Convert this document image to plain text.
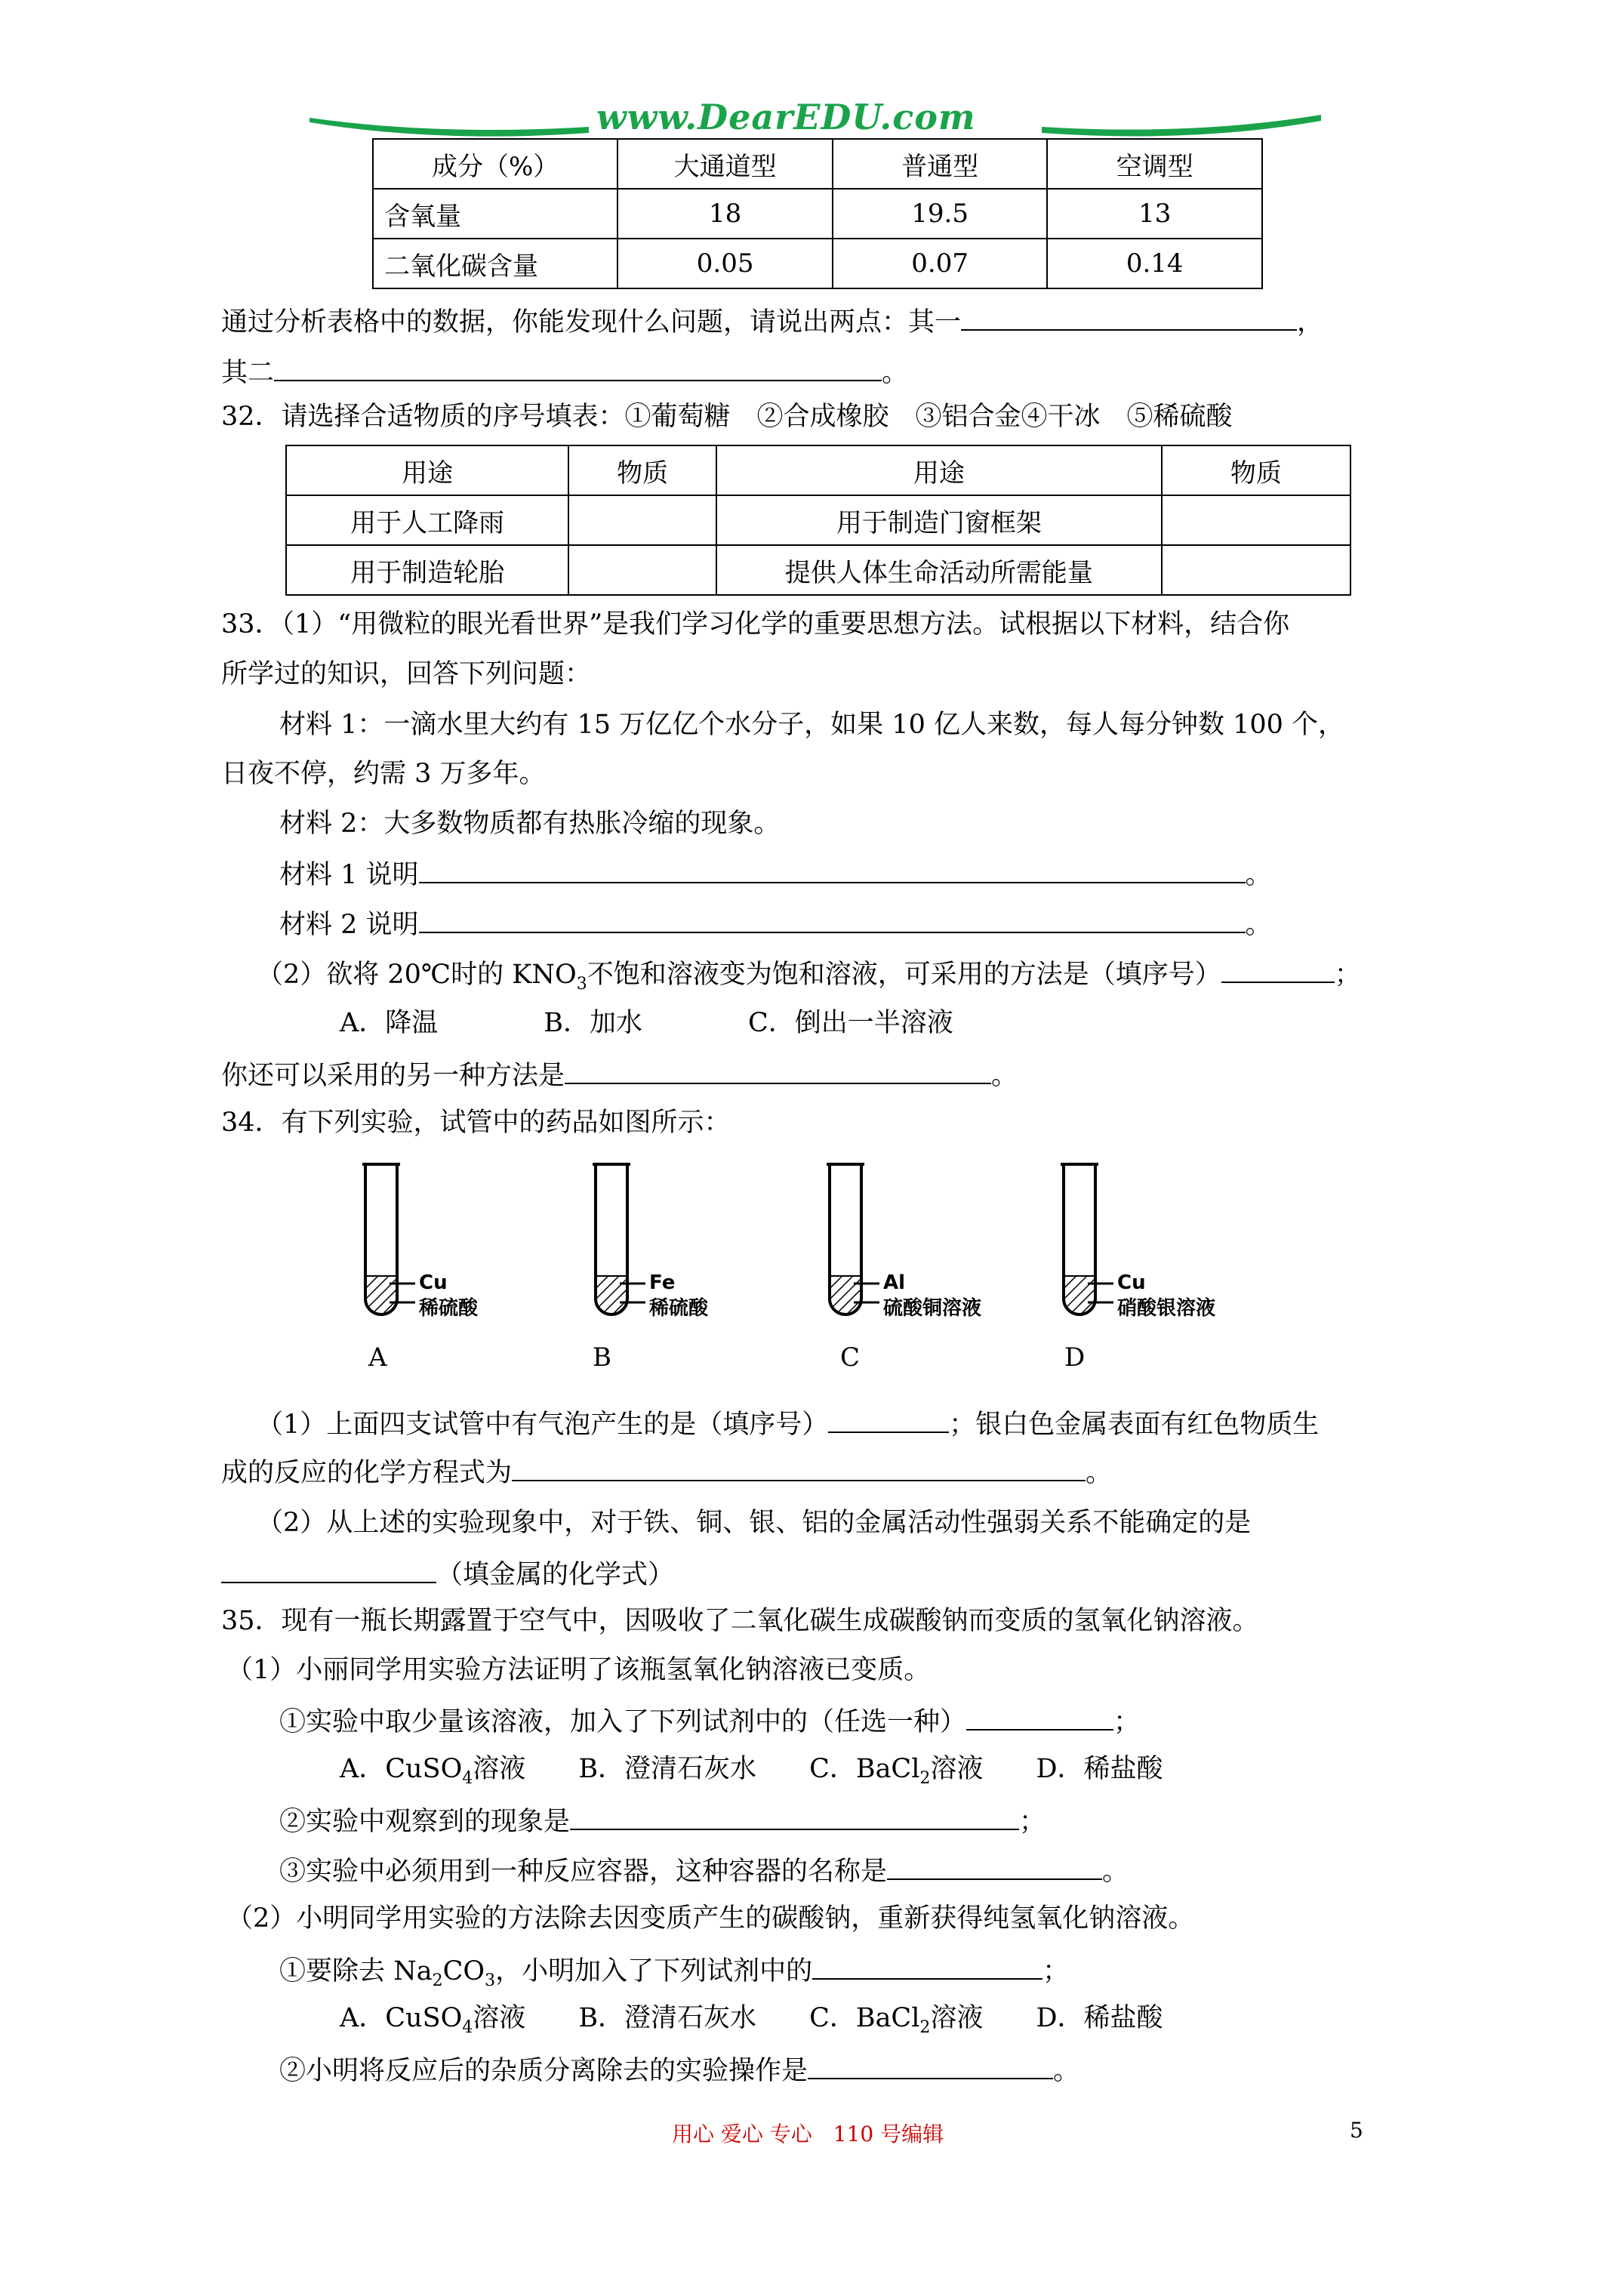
www.DearEDU.com
成分（%）	大通道型	普通型	空调型
含氧量	18	19.5	13
二氧化碳含量	0.05	0.07	0.14
通过分析表格中的数据，你能发现什么问题，请说出两点：其一	，
其二	。
32．请选择合适物质的序号填表：①葡萄糖　②合成橡胶　③铝合金④干冰　⑤稀硫酸
用途	物质	用途	物质
用于人工降雨		用于制造门窗框架	
用于制造轮胎		提供人体生命活动所需能量	
33．（1）“用微粒的眼光看世界”是我们学习化学的重要思想方法。试根据以下材料，结合你
所学过的知识，回答下列问题：
材料 1：一滴水里大约有 15 万亿亿个水分子，如果 10 亿人来数，每人每分钟数 100 个，
日夜不停，约需 3 万多年。
材料 2：大多数物质都有热胀冷缩的现象。
材料 1 说明	。
材料 2 说明	。
（2）欲将 20℃时的 $KNO_3$不饱和溶液变为饱和溶液，可采用的方法是（填序号）	；
A．降温　　　　B．加水　　　　C．倒出一半溶液
你还可以采用的另一种方法是	。
34．有下列实验，试管中的药品如图所示：
Cu
稀硫酸
Fe
稀硫酸
Al
硫酸铜溶液
Cu
硝酸银溶液
A	B	C	D
（1）上面四支试管中有气泡产生的是（填序号）	；银白色金属表面有红色物质生
成的反应的化学方程式为	。
（2）从上述的实验现象中，对于铁、铜、银、铝的金属活动性强弱关系不能确定的是
（填金属的化学式）
35．现有一瓶长期露置于空气中，因吸收了二氧化碳生成碳酸钠而变质的氢氧化钠溶液。
（1）小丽同学用实验方法证明了该瓶氢氧化钠溶液已变质。
①实验中取少量该溶液，加入了下列试剂中的（任选一种）	；
A．CuSO$_4$溶液　　 B．澄清石灰水　　 C．BaCl$_2$溶液　　 D．稀盐酸
②实验中观察到的现象是	；
③实验中必须用到一种反应容器，这种容器的名称是	。
（2）小明同学用实验的方法除去因变质产生的碳酸钠，重新获得纯氢氧化钠溶液。
①要除去 $Na_2CO_3$，小明加入了下列试剂中的	；
A．CuSO$_4$溶液　　 B．澄清石灰水　　 C．BaCl$_2$溶液　　 D．稀盐酸
②小明将反应后的杂质分离除去的实验操作是	。
用心 爱心 专心　110 号编辑	5
